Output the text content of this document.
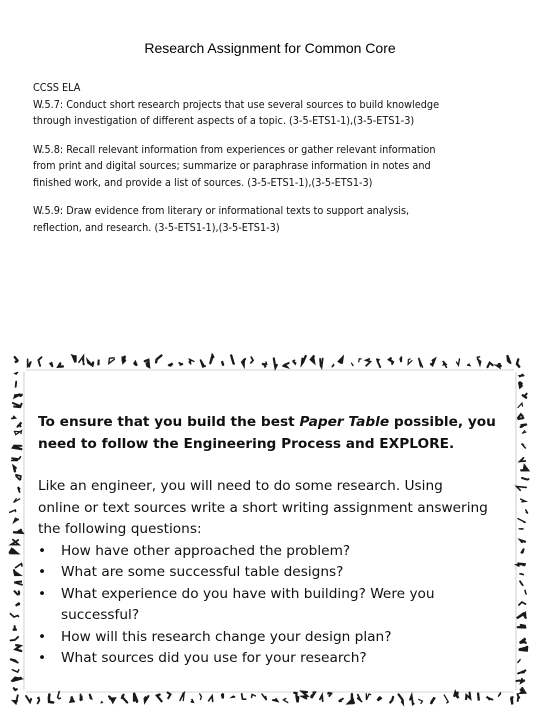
Research Assignment for Common Core
CCSS ELA
W.5.7: Conduct short research projects that use several sources to build knowledge
through investigation of different aspects of a topic. (3-5-ETS1-1),(3-5-ETS1-3)
W.5.8: Recall relevant information from experiences or gather relevant information
from print and digital sources; summarize or paraphrase information in notes and
finished work, and provide a list of sources. (3-5-ETS1-1),(3-5-ETS1-3)
W.5.9: Draw evidence from literary or informational texts to support analysis,
reflection, and research. (3-5-ETS1-1),(3-5-ETS1-3)
To ensure that you build the best Paper Table possible, you
need to follow the Engineering Process and EXPLORE.
Like an engineer, you will need to do some research. Using
online or text sources write a short writing assignment answering
the following questions:
• How have other approached the problem?
• What are some successful table designs?
• What experience do you have with building? Were you
successful?
• How will this research change your design plan?
• What sources did you use for your research?
